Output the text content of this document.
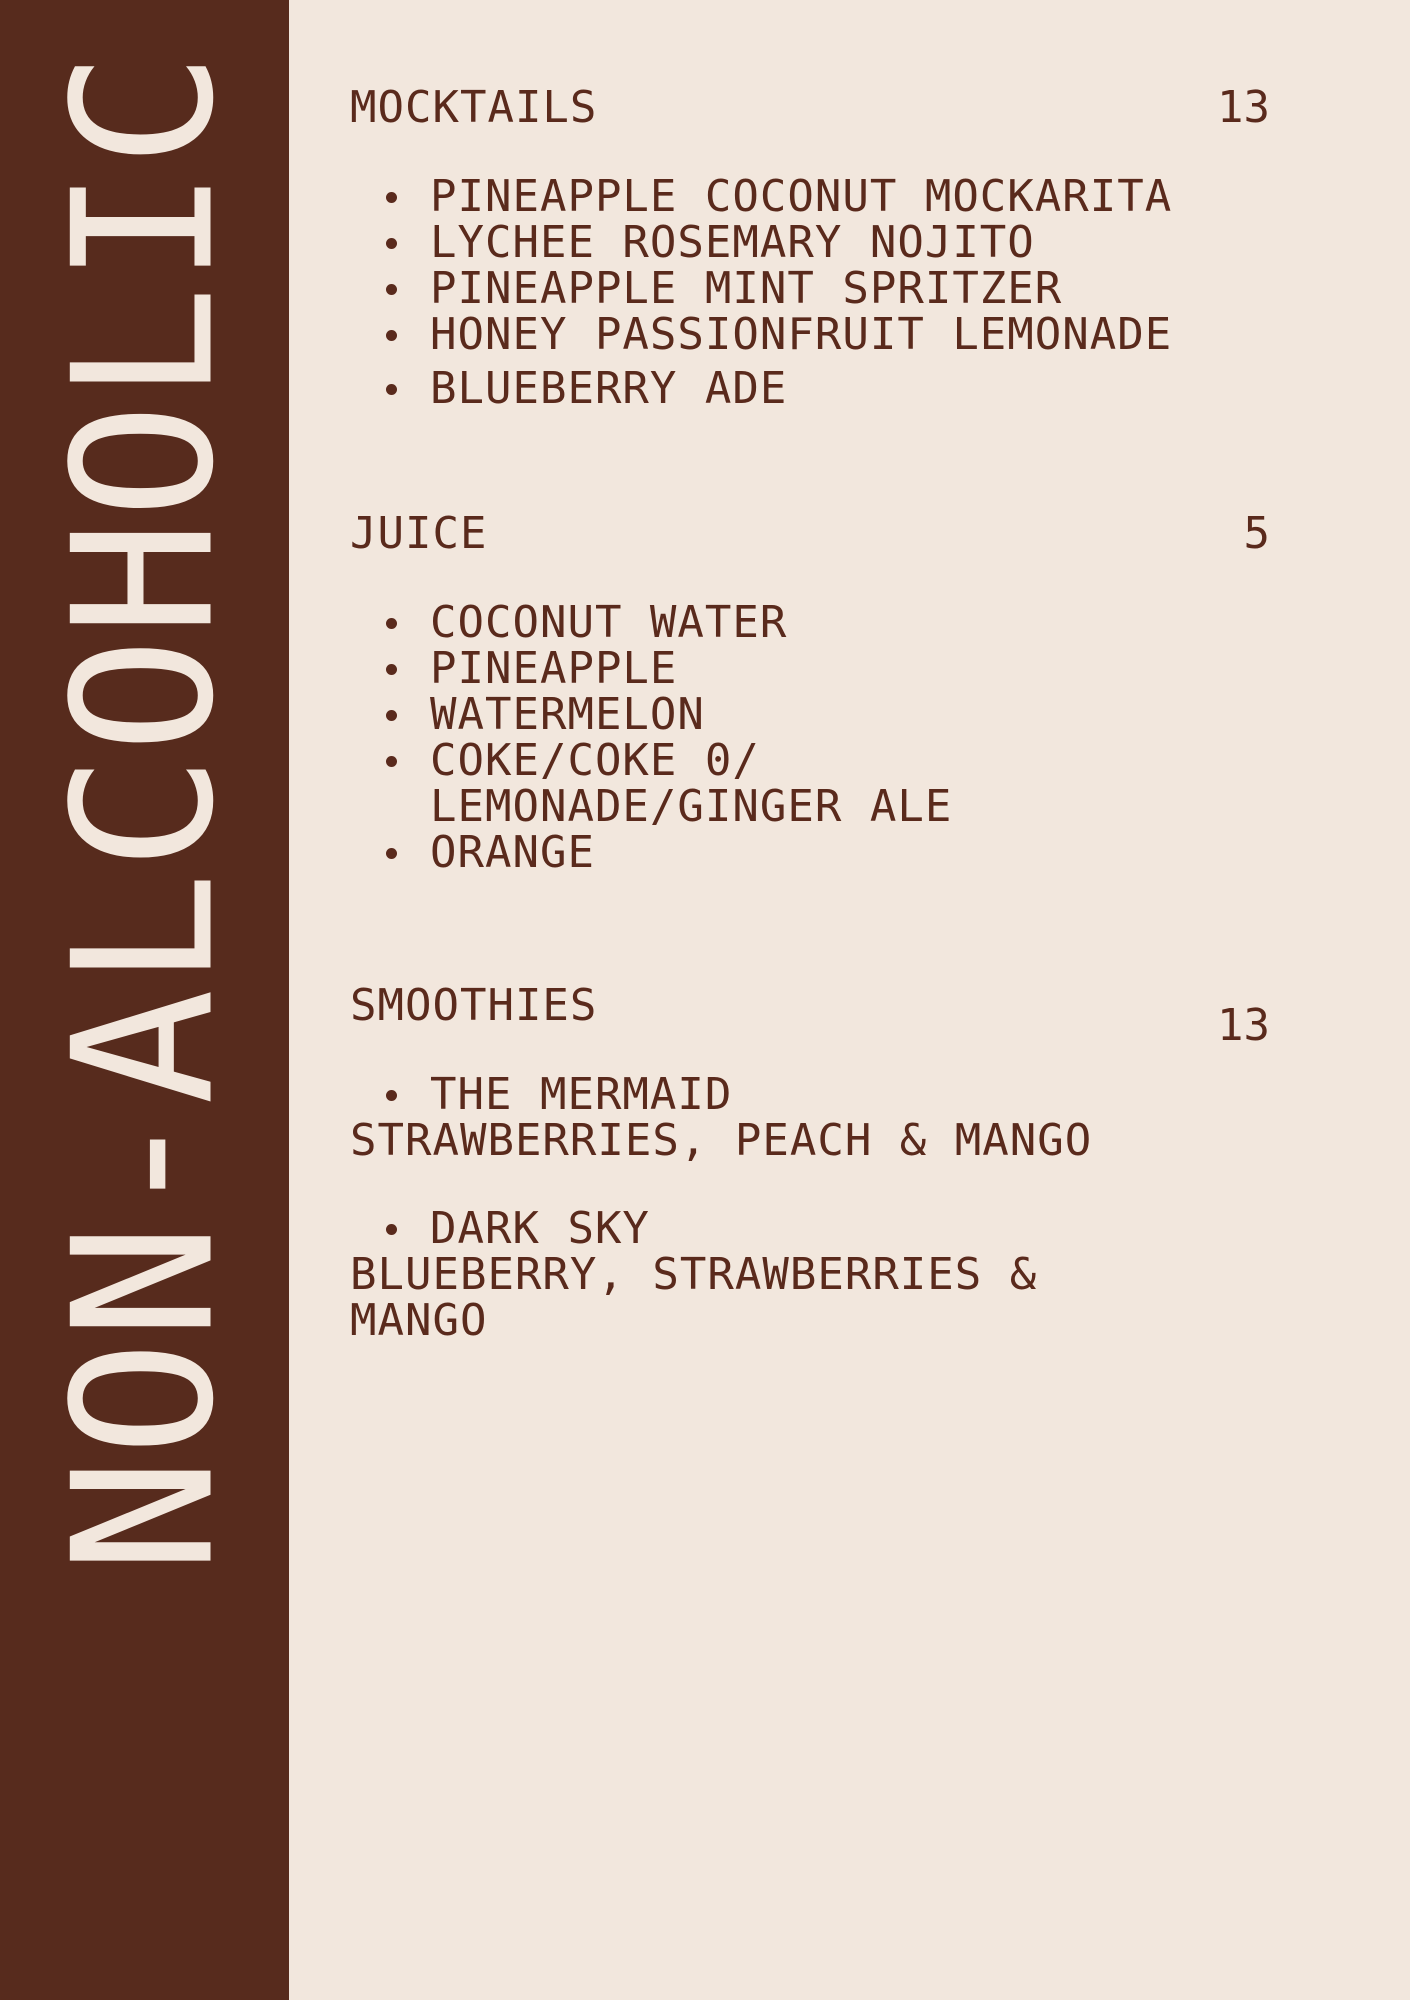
NON-ALCOHOLIC MOCKTAILS	13
PINEAPPLE COCONUT MOCKARITA
LYCHEE ROSEMARY NOJITO
PINEAPPLE MINT SPRITZER
HONEY PASSIONFRUIT LEMONADE
BLUEBERRY ADE
JUICE	5
COCONUT WATER
PINEAPPLE
WATERMELON
COKE/COKE 0/
LEMONADE/GINGER ALE
ORANGE
SMOOTHIES	13
THE MERMAID
STRAWBERRIES, PEACH & MANGO
DARK SKY
BLUEBERRY, STRAWBERRIES & MANGO
